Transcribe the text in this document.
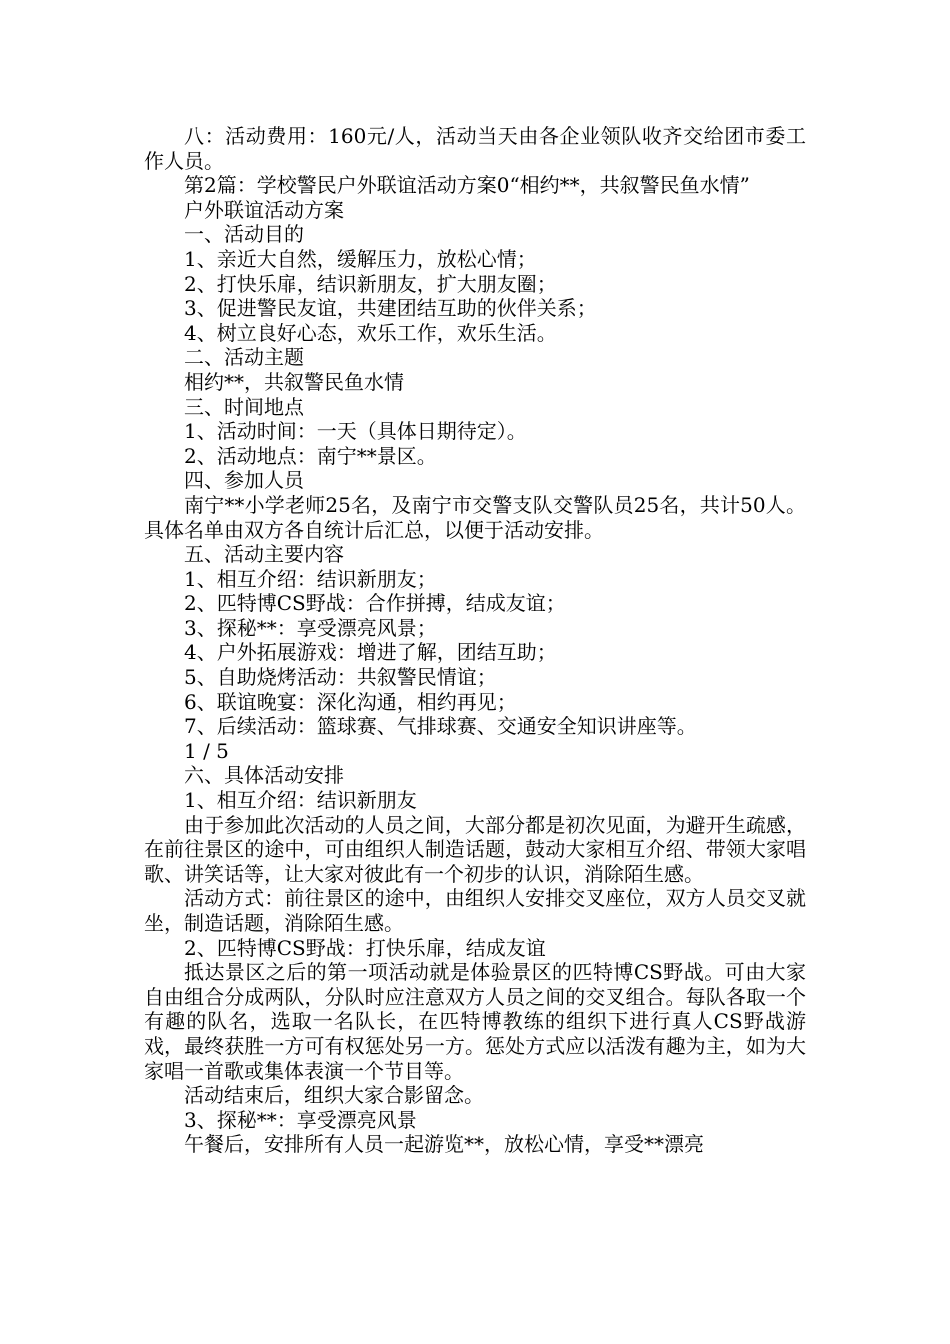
八：活动费用：160元/人，活动当天由各企业领队收齐交给团市委工作人员。

第2篇：学校警民户外联谊活动方案0“相约**，共叙警民鱼水情”

户外联谊活动方案

一、活动目的

1、亲近大自然，缓解压力，放松心情；

2、打快乐扉，结识新朋友，扩大朋友圈；

3、促进警民友谊，共建团结互助的伙伴关系；

4、树立良好心态，欢乐工作，欢乐生活。

二、活动主题

相约**，共叙警民鱼水情

三、时间地点

1、活动时间：一天（具体日期待定）。

2、活动地点：南宁**景区。

四、参加人员

南宁**小学老师25名，及南宁市交警支队交警队员25名，共计50人。 具体名单由双方各自统计后汇总，以便于活动安排。

五、活动主要内容

1、相互介绍：结识新朋友；

2、匹特博CS野战：合作拼搏，结成友谊；

3、探秘**：享受漂亮风景；

4、户外拓展游戏：增进了解，团结互助；

5、自助烧烤活动：共叙警民情谊；

6、联谊晚宴：深化沟通，相约再见；

7、后续活动：篮球赛、气排球赛、交通安全知识讲座等。

1 / 5

六、具体活动安排

1、相互介绍：结识新朋友

由于参加此次活动的人员之间，大部分都是初次见面，为避开生疏感，在前往景区的途中，可由组织人制造话题，鼓动大家相互介绍、带领大家唱歌、讲笑话等，让大家对彼此有一个初步的认识，消除陌生感。

活动方式：前往景区的途中，由组织人安排交叉座位，双方人员交叉就坐，制造话题，消除陌生感。

2、匹特博CS野战：打快乐扉，结成友谊

抵达景区之后的第一项活动就是体验景区的匹特博CS野战。可由大家自由组合分成两队，分队时应注意双方人员之间的交叉组合。每队各取一个有趣的队名，选取一名队长，在匹特博教练的组织下进行真人CS野战游戏，最终获胜一方可有权惩处另一方。惩处方式应以活泼有趣为主，如为大家唱一首歌或集体表演一个节目等。

活动结束后，组织大家合影留念。

3、探秘**：享受漂亮风景

午餐后，安排所有人员一起游览**，放松心情，享受**漂亮
